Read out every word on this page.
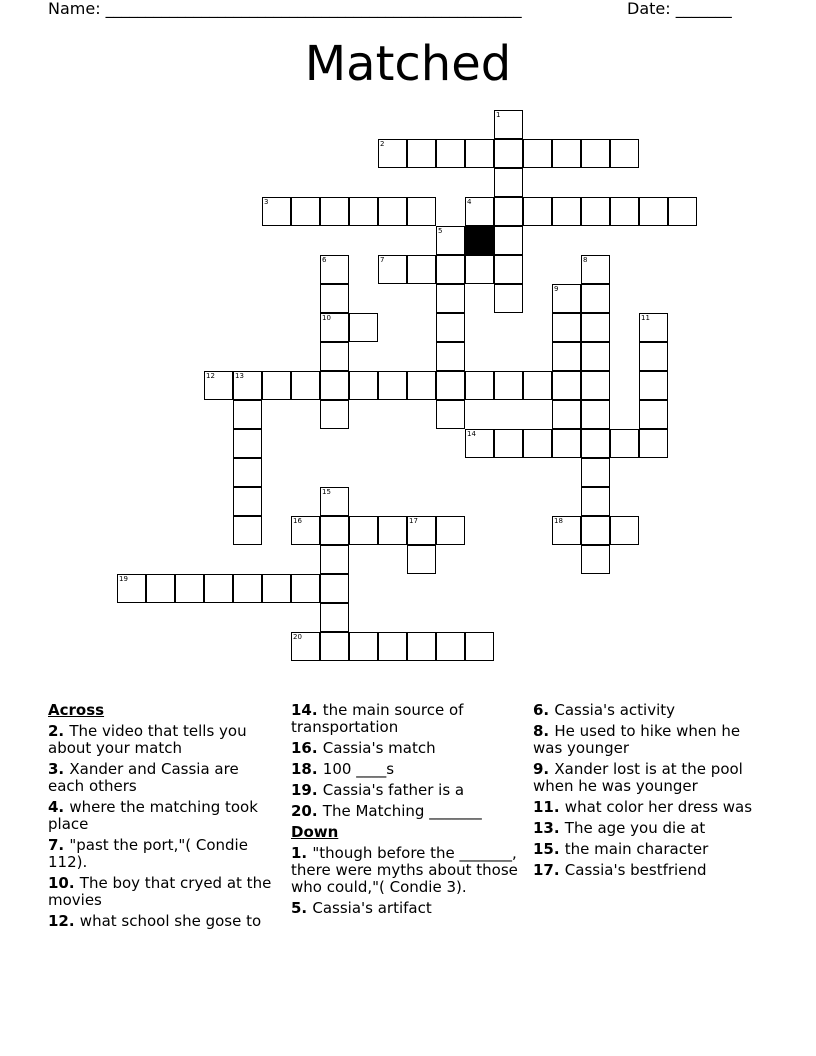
Name: ____________________________________________________	Date: _______
Matched
1
2
3	4
5
6	7	8
9
10	11
12	13
14
15
16	17	18
19
20
Across
2. The video that tells you about your match
3. Xander and Cassia are each others
4. where the matching took place
7. "past the port,"( Condie 112).
10. The boy that cryed at the movies
12. what school she gose to
14. the main source of transportation
16. Cassia's match
18. 100 ____s
19. Cassia's father is a
20. The Matching _______
Down
1. "though before the _______, there were myths about those who could,"( Condie 3).
5. Cassia's artifact
6. Cassia's activity
8. He used to hike when he was younger
9. Xander lost is at the pool when he was younger
11. what color her dress was
13. The age you die at
15. the main character
17. Cassia's bestfriend
